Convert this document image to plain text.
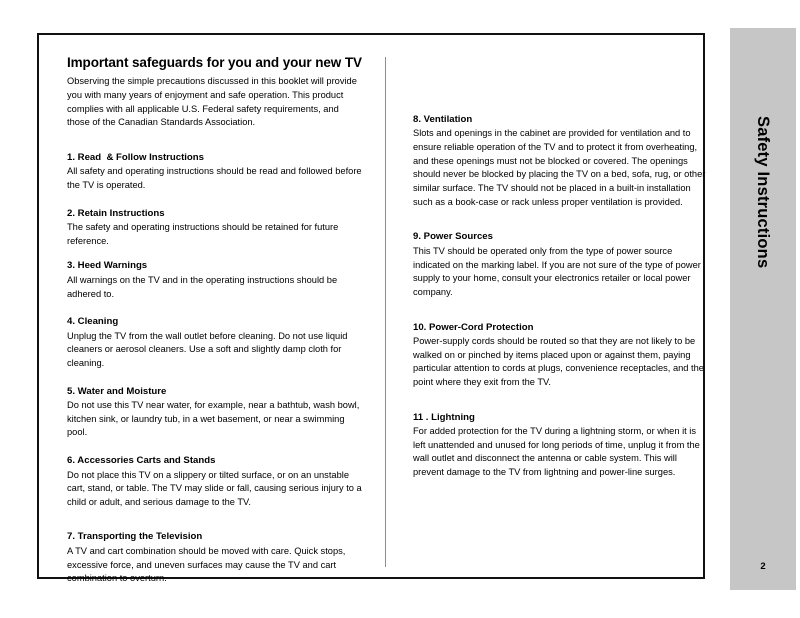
Important safeguards for you and your new TV

Observing the simple precautions discussed in this booklet will provide you with many years of enjoyment and safe operation. This product complies with all applicable U.S. Federal safety requirements, and those of the Canadian Standards Association.

1. Read  & Follow Instructions

All safety and operating instructions should be read and followed before the TV is operated.

2. Retain Instructions

The safety and operating instructions should be retained for future reference.

3. Heed Warnings

All warnings on the TV and in the operating instructions should be adhered to.

4. Cleaning

Unplug the TV from the wall outlet before cleaning. Do not use liquid cleaners or aerosol cleaners. Use a soft and slightly damp cloth for cleaning.

5. Water and Moisture

Do not use this TV near water, for example, near a bathtub, wash bowl, kitchen sink, or laundry tub, in a wet basement, or near a swimming pool.

6. Accessories Carts and Stands

Do not place this TV on a slippery or tilted surface, or on an unstable cart, stand, or table. The TV may slide or fall, causing serious injury to a child or adult, and serious damage to the TV.

7. Transporting the Television

A TV and cart combination should be moved with care. Quick stops, excessive force, and uneven surfaces may cause the TV and cart combination to overturn.

8. Ventilation

Slots and openings in the cabinet are provided for ventilation and to ensure reliable operation of the TV and to protect it from overheating, and these openings must not be blocked or covered. The openings should never be blocked by placing the TV on a bed, sofa, rug, or other similar surface. The TV should not be placed in a built-in installation such as a book-case or rack unless proper ventilation is provided.

9. Power Sources

This TV should be operated only from the type of power source indicated on the marking label. If you are not sure of the type of power supply to your home, consult your electronics retailer or local power company.

10. Power-Cord Protection

Power-supply cords should be routed so that they are not likely to be walked on or pinched by items placed upon or against them, paying particular attention to cords at plugs, convenience receptacles, and the point where they exit from the TV.

11 . Lightning

For added protection for the TV during a lightning storm, or when it is left unattended and unused for long periods of time, unplug it from the wall outlet and disconnect the antenna or cable system. This will prevent damage to the TV from lightning and power-line surges.

Safety Instructions
2
